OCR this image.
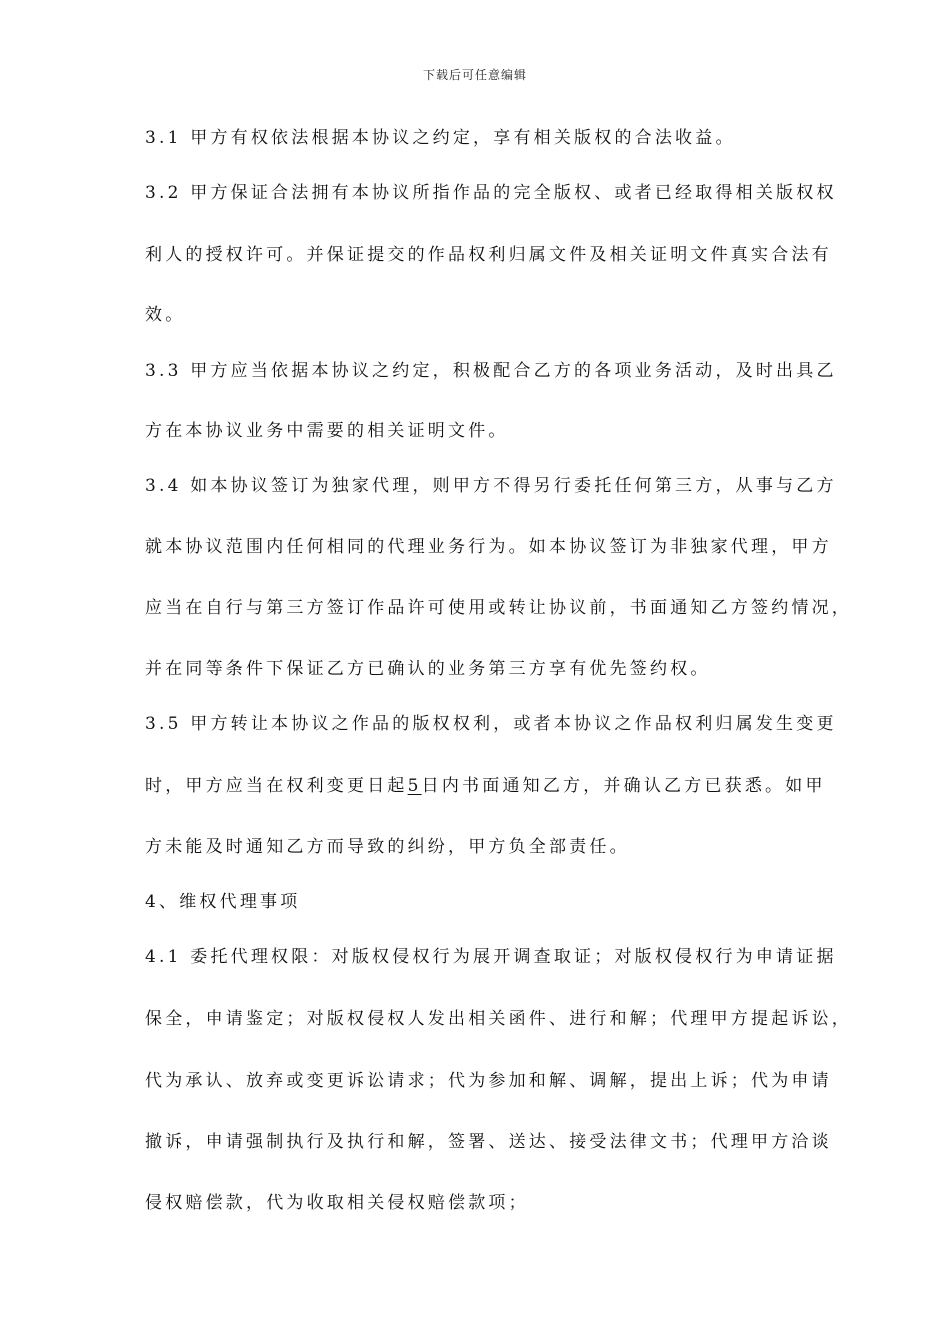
下载后可任意编辑
3.1 甲方有权依法根据本协议之约定，享有相关版权的合法收益。
3.2 甲方保证合法拥有本协议所指作品的完全版权、或者已经取得相关版权权
利人的授权许可。并保证提交的作品权利归属文件及相关证明文件真实合法有
效。
3.3 甲方应当依据本协议之约定，积极配合乙方的各项业务活动，及时出具乙
方在本协议业务中需要的相关证明文件。
3.4 如本协议签订为独家代理，则甲方不得另行委托任何第三方，从事与乙方
就本协议范围内任何相同的代理业务行为。如本协议签订为非独家代理，甲方
应当在自行与第三方签订作品许可使用或转让协议前，书面通知乙方签约情况，
并在同等条件下保证乙方已确认的业务第三方享有优先签约权。
3.5 甲方转让本协议之作品的版权权利，或者本协议之作品权利归属发生变更
时，甲方应当在权利变更日起5日内书面通知乙方，并确认乙方已获悉。如甲
方未能及时通知乙方而导致的纠纷，甲方负全部责任。
4、维权代理事项
4.1 委托代理权限：对版权侵权行为展开调查取证；对版权侵权行为申请证据
保全，申请鉴定；对版权侵权人发出相关函件、进行和解；代理甲方提起诉讼，
代为承认、放弃或变更诉讼请求；代为参加和解、调解，提出上诉；代为申请
撤诉，申请强制执行及执行和解，签署、送达、接受法律文书；代理甲方洽谈
侵权赔偿款，代为收取相关侵权赔偿款项；
